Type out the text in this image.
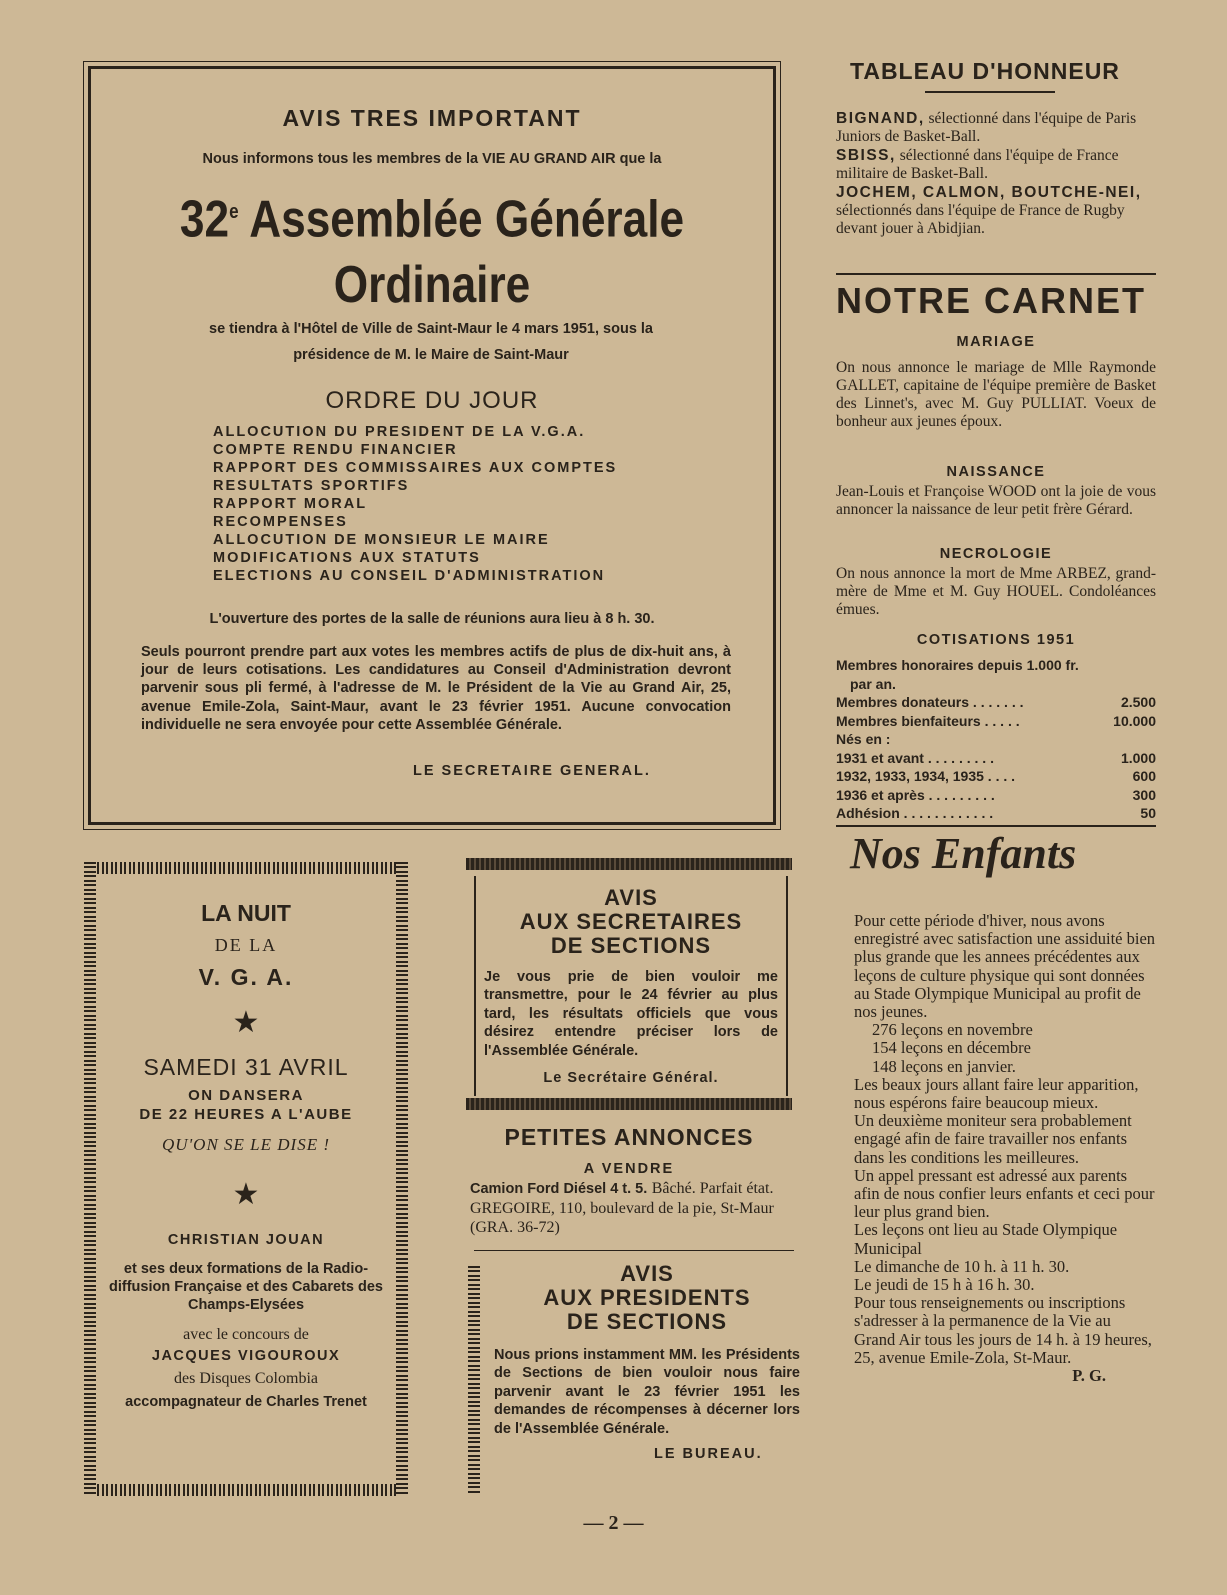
AVIS TRES IMPORTANT
Nous informons tous les membres de la VIE AU GRAND AIR que la
32e Assemblée Générale
Ordinaire
se tiendra à l'Hôtel de Ville de Saint-Maur le 4 mars 1951, sous la
présidence de M. le Maire de Saint-Maur
ORDRE DU JOUR
ALLOCUTION DU PRESIDENT DE LA V.G.A.
COMPTE RENDU FINANCIER
RAPPORT DES COMMISSAIRES AUX COMPTES
RESULTATS SPORTIFS
RAPPORT MORAL
RECOMPENSES
ALLOCUTION DE MONSIEUR LE MAIRE
MODIFICATIONS AUX STATUTS
ELECTIONS AU CONSEIL D'ADMINISTRATION
L'ouverture des portes de la salle de réunions aura lieu à 8 h. 30.
Seuls pourront prendre part aux votes les membres actifs de plus de dix-huit ans, à jour de leurs cotisations. Les candidatures au Conseil d'Administration devront parvenir sous pli fermé, à l'adresse de M. le Président de la Vie au Grand Air, 25, avenue Emile-Zola, Saint-Maur, avant le 23 février 1951. Aucune convocation individuelle ne sera envoyée pour cette Assemblée Générale.
LE SECRETAIRE GENERAL.
TABLEAU D'HONNEUR
BIGNAND, sélectionné dans l'équipe de Paris Juniors de Basket-Ball.
SBISS, sélectionné dans l'équipe de France militaire de Basket-Ball.
JOCHEM, CALMON, BOUTCHE-NEI, sélectionnés dans l'équipe de France de Rugby devant jouer à Abidjian.
NOTRE CARNET
MARIAGE
On nous annonce le mariage de Mlle Raymonde GALLET, capitaine de l'équipe première de Basket des Linnet's, avec M. Guy PULLIAT. Voeux de bonheur aux jeunes époux.
NAISSANCE
Jean-Louis et Françoise WOOD ont la joie de vous annoncer la naissance de leur petit frère Gérard.
NECROLOGIE
On nous annonce la mort de Mme ARBEZ, grand-mère de Mme et M. Guy HOUEL. Condoléances émues.
COTISATIONS 1951
Membres honoraires depuis 1.000 fr.
par an.
Membres donateurs . . . . . . .	2.500
Membres bienfaiteurs . . . . .	10.000
Nés en :
1931 et avant . . . . . . . . .	1.000
1932, 1933, 1934, 1935 . . . .	600
1936 et après . . . . . . . . .	300
Adhésion . . . . . . . . . . . .	50
Nos Enfants

Pour cette période d'hiver, nous avons enregistré avec satisfaction une assiduité bien plus grande que les annees précédentes aux leçons de culture physique qui sont données au Stade Olympique Municipal au profit de nos jeunes.

276 leçons en novembre

154 leçons en décembre

148 leçons en janvier.

Les beaux jours allant faire leur apparition, nous espérons faire beaucoup mieux.

Un deuxième moniteur sera probablement engagé afin de faire travailler nos enfants dans les conditions les meilleures.

Un appel pressant est adressé aux parents afin de nous confier leurs enfants et ceci pour leur plus grand bien.

Les leçons ont lieu au Stade Olympique Municipal

Le dimanche de 10 h. à 11 h. 30.

Le jeudi de 15 h à 16 h. 30.

Pour tous renseignements ou inscriptions s'adresser à la permanence de la Vie au Grand Air tous les jours de 14 h. à 19 heures, 25, avenue Emile-Zola, St-Maur.

P. G.

LA NUIT
DE LA
V. G. A.
★
SAMEDI 31 AVRIL
ON DANSERA
DE 22 HEURES A L'AUBE
QU'ON SE LE DISE !
★
CHRISTIAN JOUAN
et ses deux formations de la Radio-diffusion Française et des Cabarets des Champs-Elysées
avec le concours de
JACQUES VIGOUROUX
des Disques Colombia
accompagnateur de Charles Trenet
AVIS
AUX SECRETAIRES
DE SECTIONS
Je vous prie de bien vouloir me transmettre, pour le 24 février au plus tard, les résultats officiels que vous désirez entendre préciser lors de l'Assemblée Générale.
Le Secrétaire Général.
PETITES ANNONCES
A VENDRE
Camion Ford Diésel 4 t. 5. Bâché. Parfait état. GREGOIRE, 110, boulevard de la pie, St-Maur (GRA. 36-72)
AVIS
AUX PRESIDENTS
DE SECTIONS
Nous prions instamment MM. les Présidents de Sections de bien vouloir nous faire parvenir avant le 23 février 1951 les demandes de récompenses à décerner lors de l'Assemblée Générale.
LE BUREAU.
— 2 —
